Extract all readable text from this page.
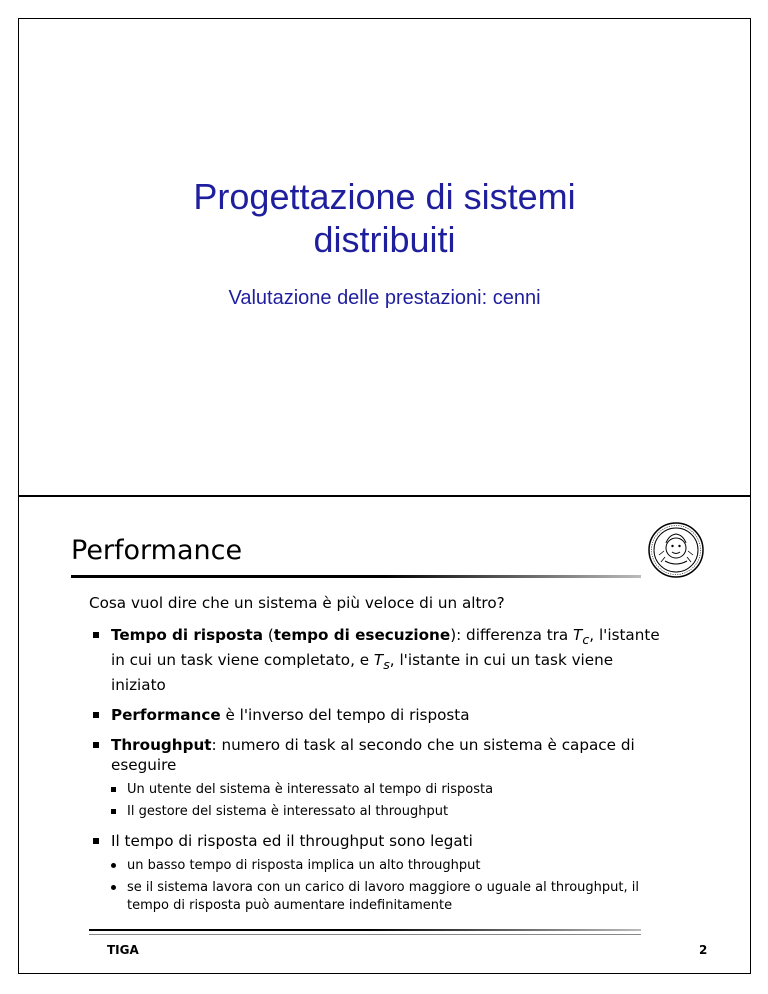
Progettazione di sistemi
distribuiti
Valutazione delle prestazioni: cenni
Performance

Cosa vuol dire che un sistema è più veloce di un altro?

Tempo di risposta (tempo di esecuzione): differenza tra $T_c$, l'istante in cui un task viene completato, e $T_s$, l'istante in cui un task viene iniziato
Performance è l'inverso del tempo di risposta
Throughput: numero di task al secondo che un sistema è capace di eseguire
Un utente del sistema è interessato al tempo di risposta
Il gestore del sistema è interessato al throughput
Il tempo di risposta ed il throughput sono legati
un basso tempo di risposta implica un alto throughput
se il sistema lavora con un carico di lavoro maggiore o uguale al throughput, il tempo di risposta può aumentare indefinitamente
TIGA	2
